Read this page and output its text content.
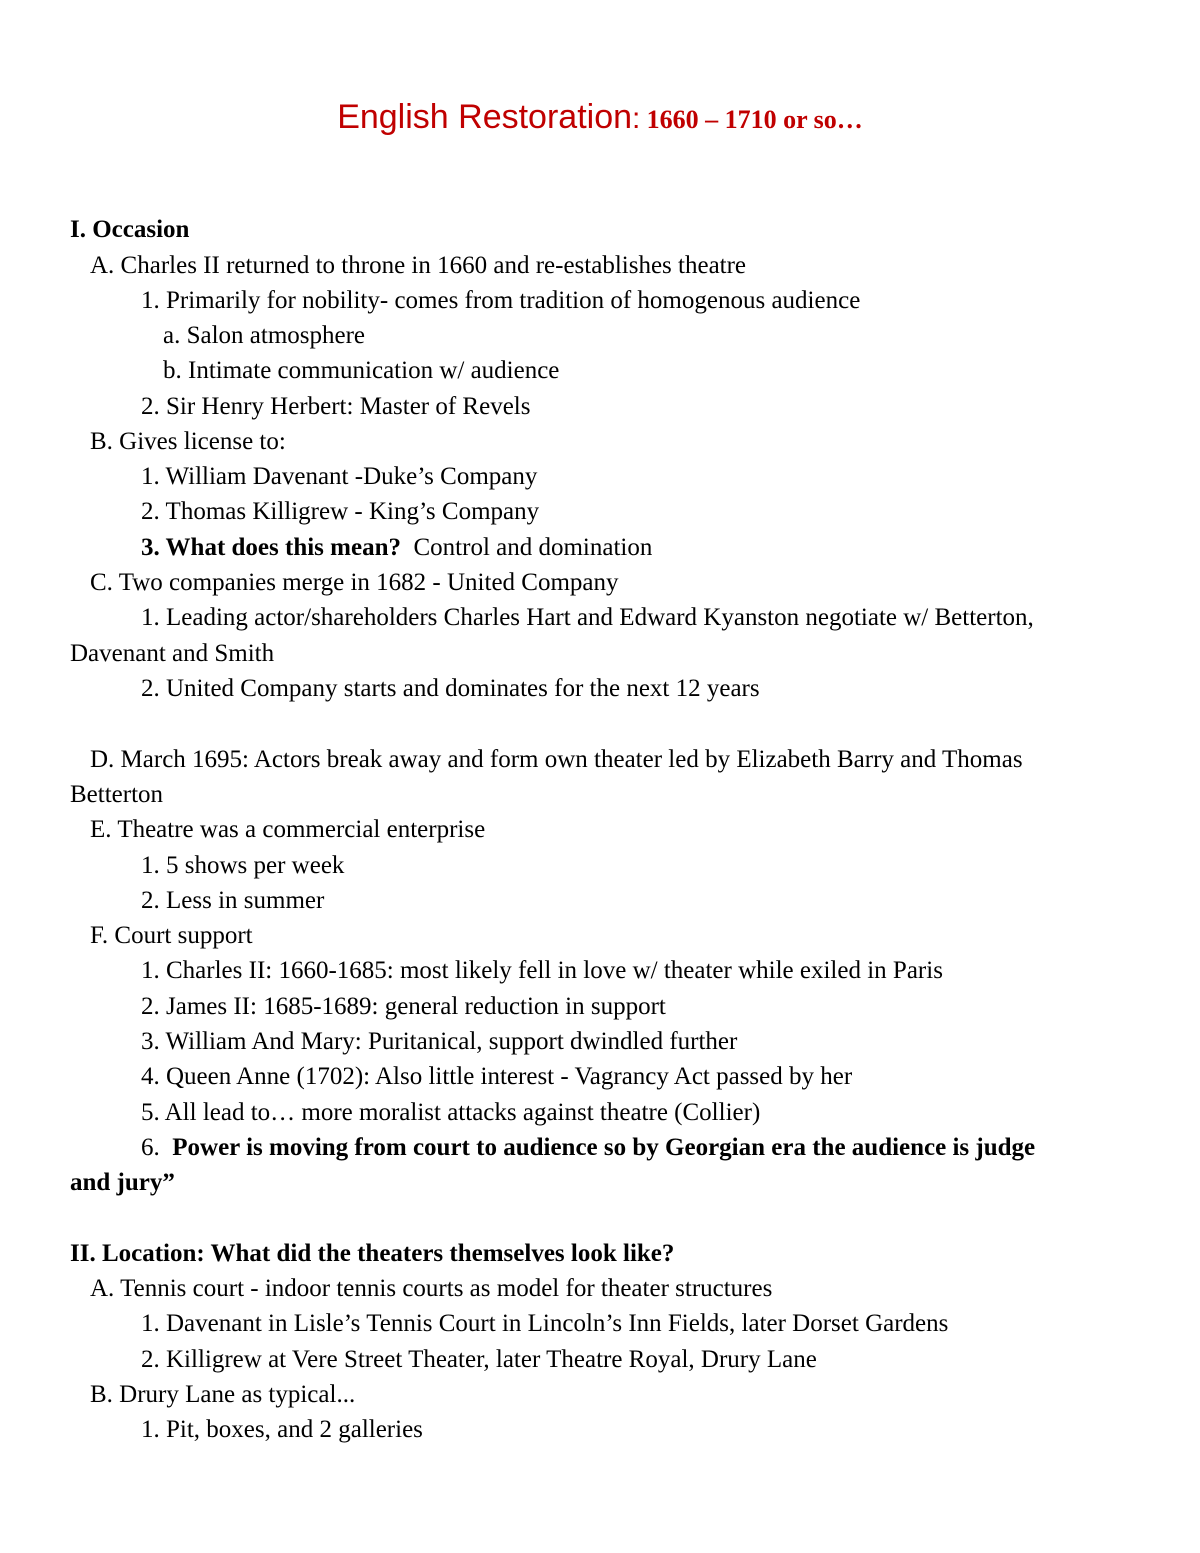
English Restoration: 1660 – 1710 or so…
I. Occasion
A. Charles II returned to throne in 1660 and re-establishes theatre
1. Primarily for nobility- comes from tradition of homogenous audience
a. Salon atmosphere
b. Intimate communication w/ audience
2. Sir Henry Herbert: Master of Revels
B. Gives license to:
1. William Davenant -Duke’s Company
2. Thomas Killigrew - King’s Company
3. What does this mean? Control and domination
C. Two companies merge in 1682 - United Company
1. Leading actor/shareholders Charles Hart and Edward Kyanston negotiate w/ Betterton,
Davenant and Smith
2. United Company starts and dominates for the next 12 years
D. March 1695: Actors break away and form own theater led by Elizabeth Barry and Thomas
Betterton
E. Theatre was a commercial enterprise
1. 5 shows per week
2. Less in summer
F. Court support
1. Charles II: 1660-1685: most likely fell in love w/ theater while exiled in Paris
2. James II: 1685-1689: general reduction in support
3. William And Mary: Puritanical, support dwindled further
4. Queen Anne (1702): Also little interest - Vagrancy Act passed by her
5. All lead to… more moralist attacks against theatre (Collier)
6. Power is moving from court to audience so by Georgian era the audience is judge
and jury”
II. Location: What did the theaters themselves look like?
A. Tennis court - indoor tennis courts as model for theater structures
1. Davenant in Lisle’s Tennis Court in Lincoln’s Inn Fields, later Dorset Gardens
2. Killigrew at Vere Street Theater, later Theatre Royal, Drury Lane
B. Drury Lane as typical...
1. Pit, boxes, and 2 galleries
